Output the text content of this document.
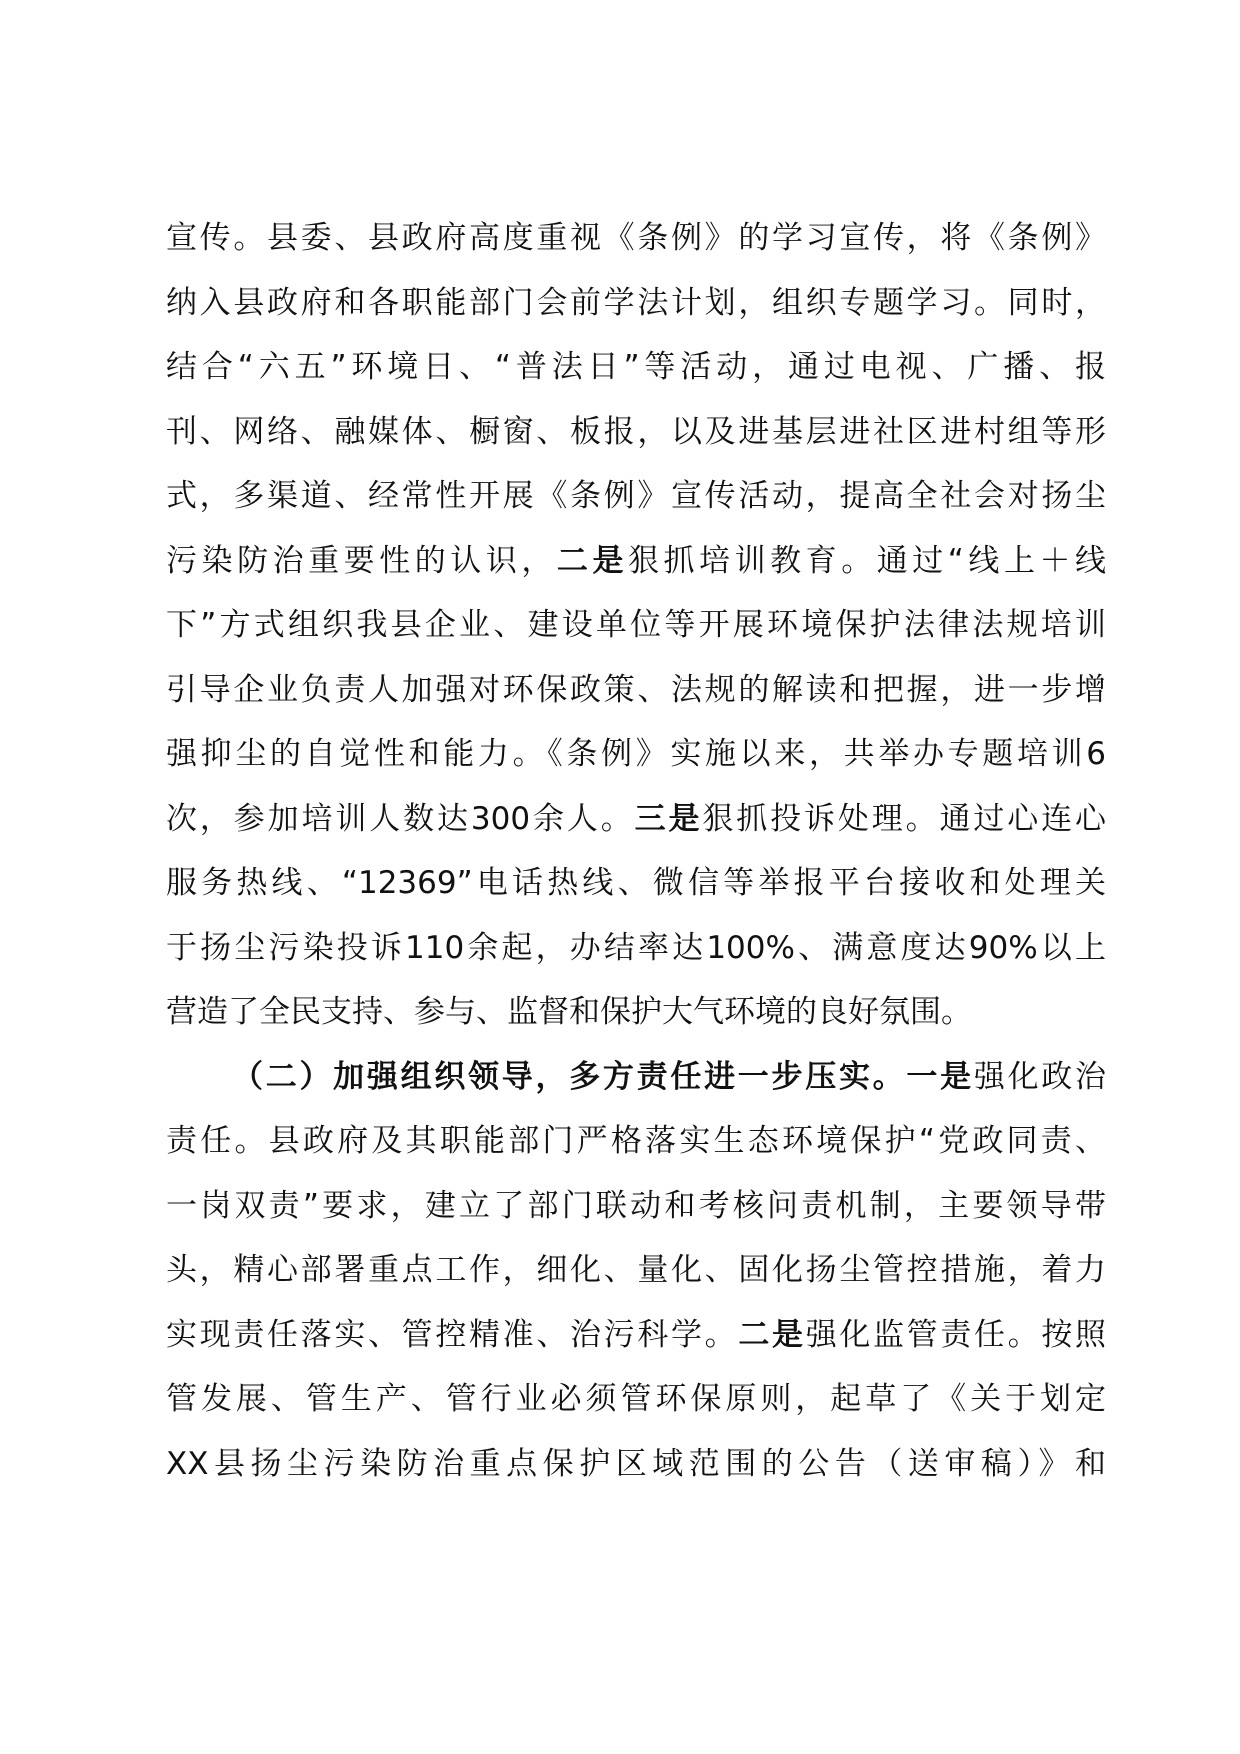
宣传。县委、县政府高度重视《条例》的学习宣传，将《条例》
纳入县政府和各职能部门会前学法计划，组织专题学习。同时，
结合“六五”环境日、“普法日”等活动，通过电视、广播、报
刊、网络、融媒体、橱窗、板报，以及进基层进社区进村组等形
式，多渠道、经常性开展《条例》宣传活动，提高全社会对扬尘
污染防治重要性的认识，二是狠抓培训教育。通过“线上＋线
下”方式组织我县企业、建设单位等开展环境保护法律法规培训
引导企业负责人加强对环保政策、法规的解读和把握，进一步增
强抑尘的自觉性和能力。《条例》实施以来，共举办专题培训6
次，参加培训人数达300余人。三是狠抓投诉处理。通过心连心
服务热线、“12369”电话热线、微信等举报平台接收和处理关
于扬尘污染投诉110余起，办结率达100%、满意度达90%以上
营造了全民支持、参与、监督和保护大气环境的良好氛围。
（二）加强组织领导，多方责任进一步压实。一是强化政治
责任。县政府及其职能部门严格落实生态环境保护“党政同责、
一岗双责”要求，建立了部门联动和考核问责机制，主要领导带
头，精心部署重点工作，细化、量化、固化扬尘管控措施，着力
实现责任落实、管控精准、治污科学。二是强化监管责任。按照
管发展、管生产、管行业必须管环保原则，起草了《关于划定
XX县扬尘污染防治重点保护区域范围的公告（送审稿）》和
